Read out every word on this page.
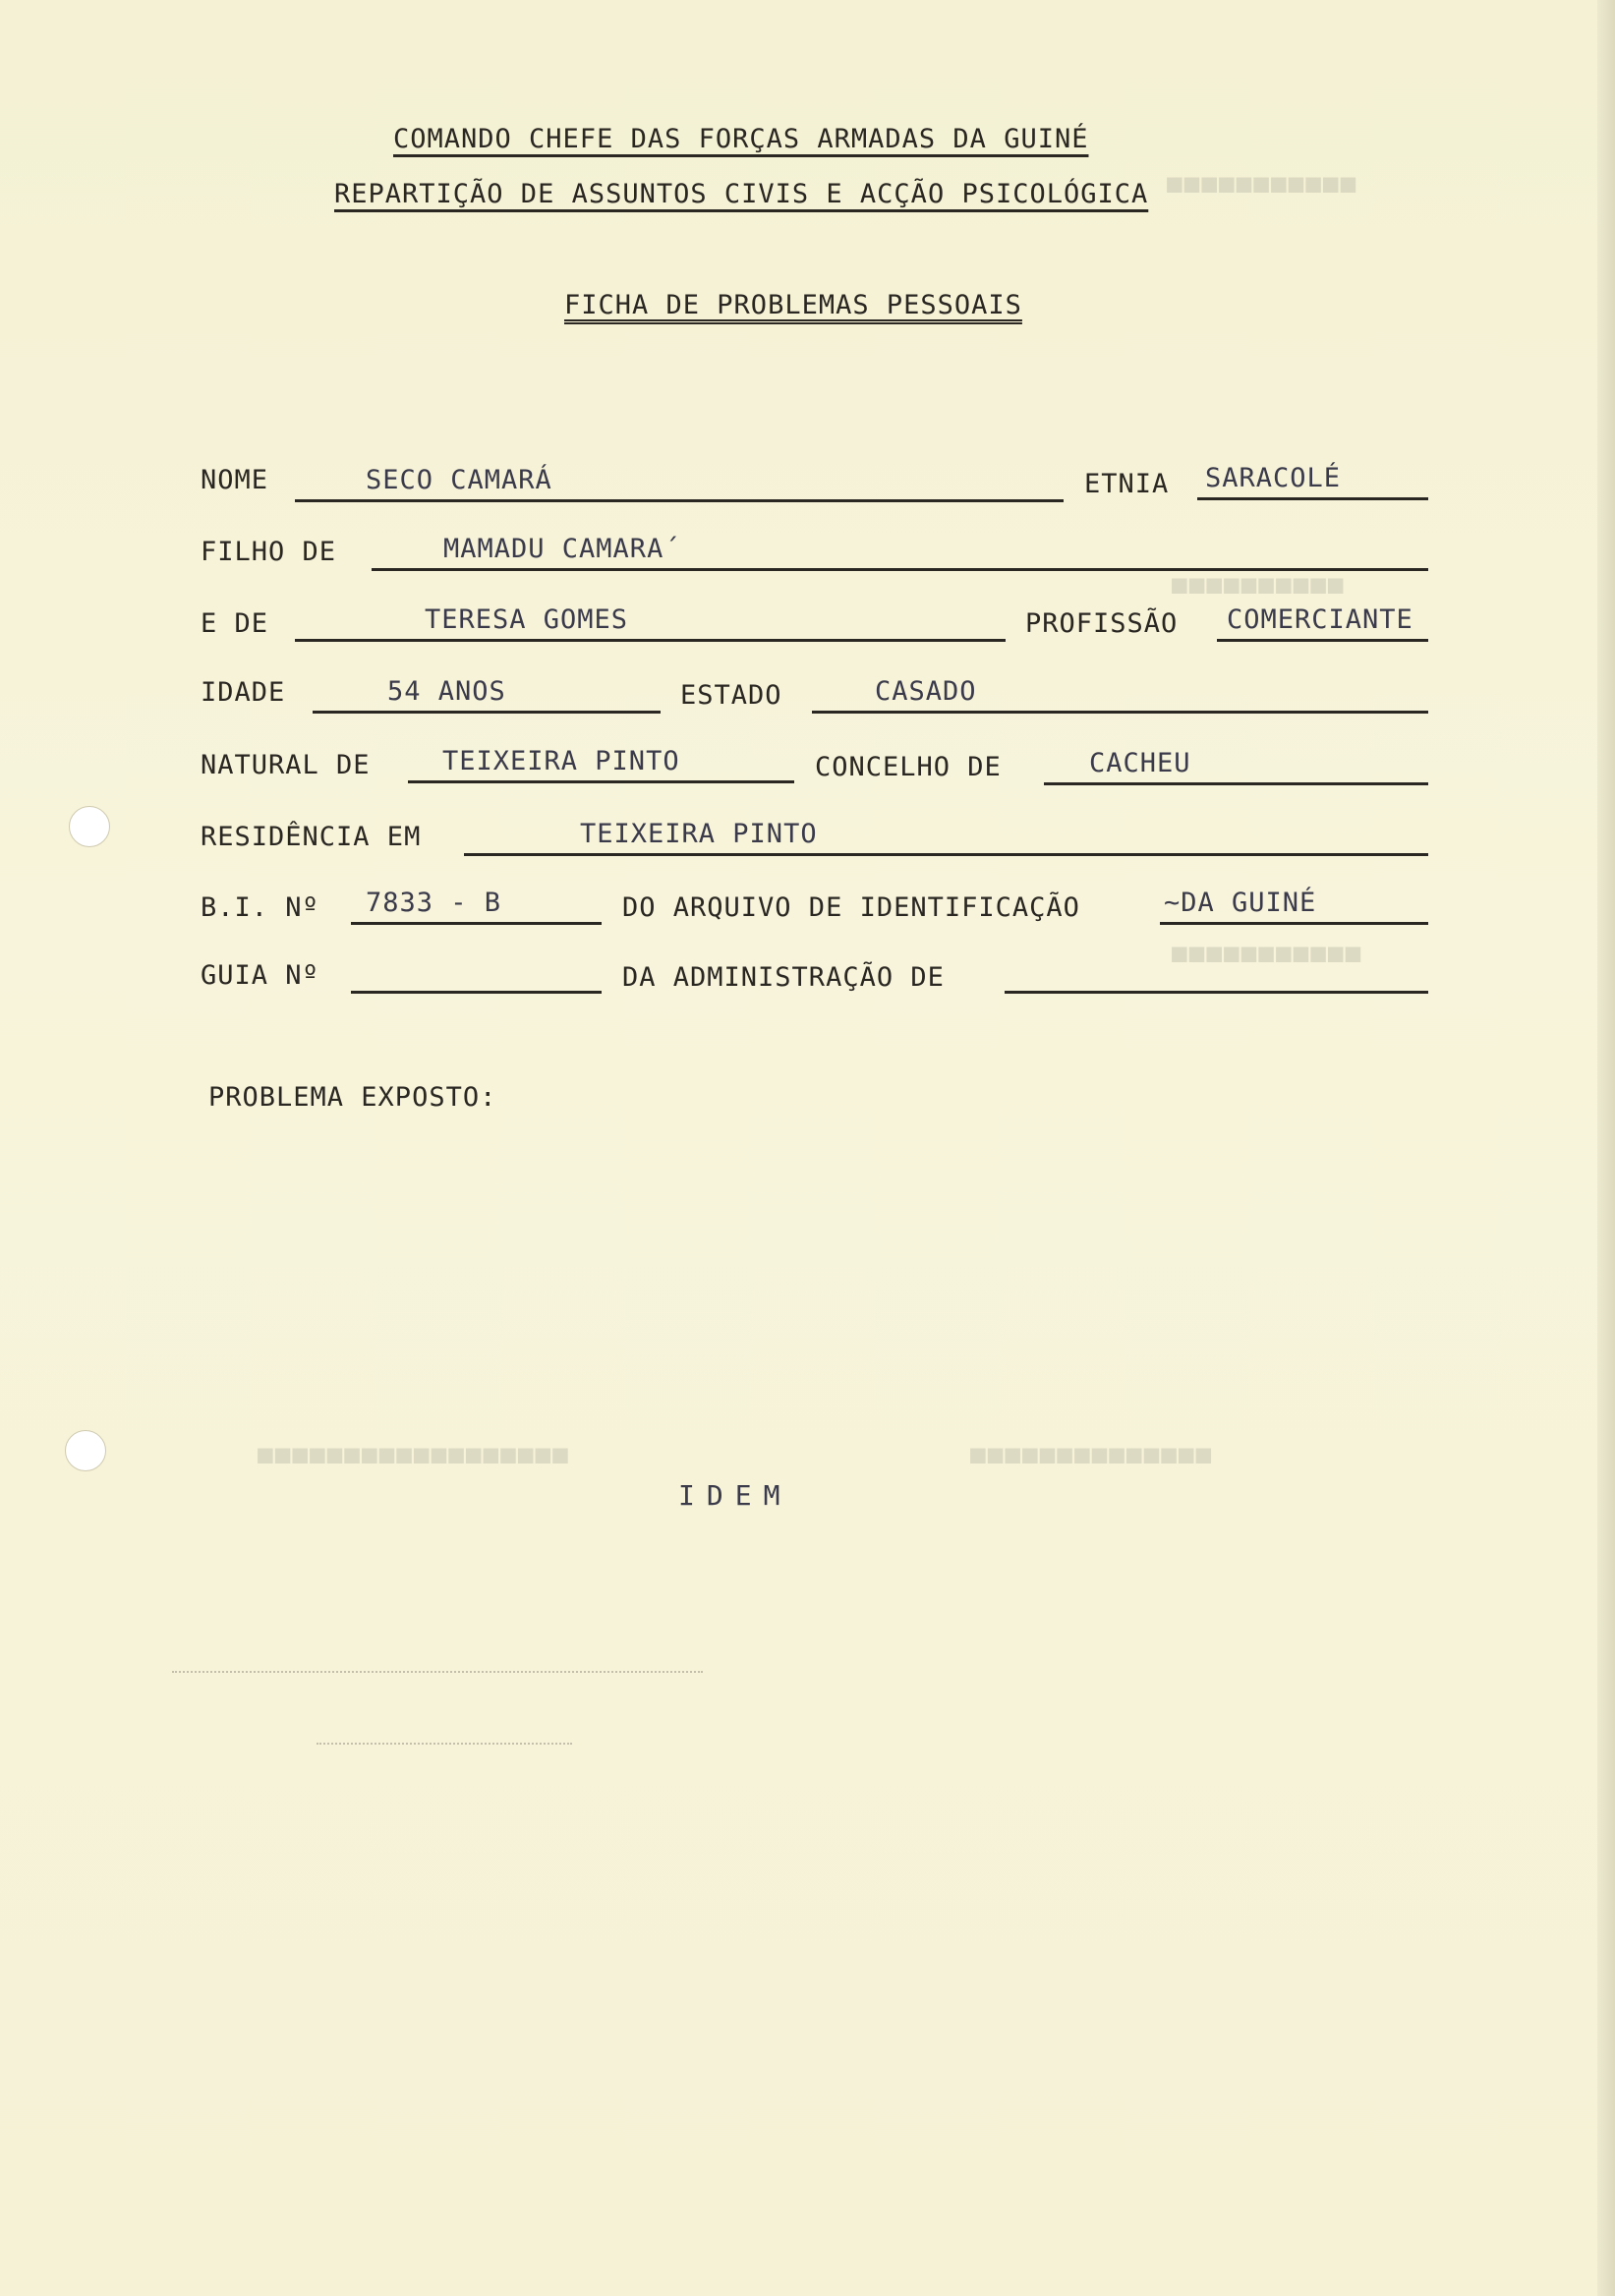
■■■■■■■■■■■
■■■■■■■■■■
■■■■■■■■■■■
■■■■■■■■■■■■■■■■■■	■■■■■■■■■■■■■■
COMANDO CHEFE DAS FORÇAS ARMADAS DA GUINÉ
REPARTIÇÃO DE ASSUNTOS CIVIS E ACÇÃO PSICOLÓGICA
FICHA DE PROBLEMAS PESSOAIS
NOME	SECO CAMARÁ	ETNIA SARACOLÉ
FILHO DE	MAMADU CAMARA´
E DE	TERESA GOMES	PROFISSÃO COMERCIANTE
IDADE	54 ANOS	ESTADO	CASADO
NATURAL DE	TEIXEIRA PINTO	CONCELHO DE	CACHEU
RESIDÊNCIA EM	TEIXEIRA PINTO
B.I. Nº 7833 - B	DO ARQUIVO DE IDENTIFICAÇÃO	~DA GUINÉ
GUIA Nº	DA ADMINISTRAÇÃO DE
PROBLEMA EXPOSTO:
IDEM
